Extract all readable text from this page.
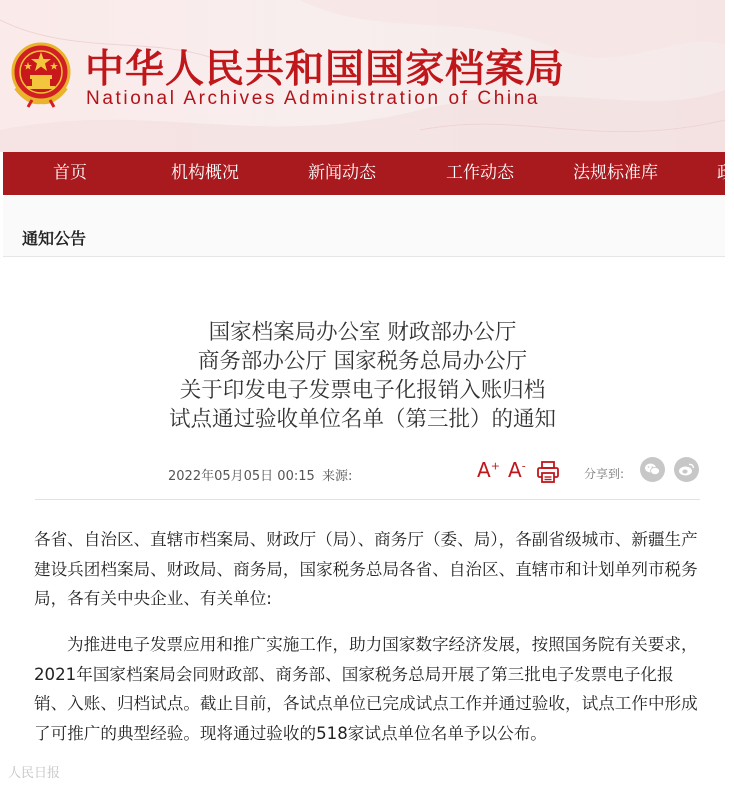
中华人民共和国国家档案局
National Archives Administration of China
首页	机构概况	新闻动态	工作动态	法规标准库	政
通知公告
国家档案局办公室 财政部办公厅
商务部办公厅 国家税务总局办公厅
关于印发电子发票电子化报销入账归档
试点通过验收单位名单（第三批）的通知
2022年05月05日 00:15 来源:	A+ A-
分享到:
各省、自治区、直辖市档案局、财政厅（局）、商务厅（委、局），各副省级城市、新疆生产建设兵团档案局、财政局、商务局，国家税务总局各省、自治区、直辖市和计划单列市税务局，各有关中央企业、有关单位:
为推进电子发票应用和推广实施工作，助力国家数字经济发展，按照国务院有关要求，2021年国家档案局会同财政部、商务部、国家税务总局开展了第三批电子发票电子化报销、入账、归档试点。截止目前，各试点单位已完成试点工作并通过验收，试点工作中形成了可推广的典型经验。现将通过验收的518家试点单位名单予以公布。
人民日报
